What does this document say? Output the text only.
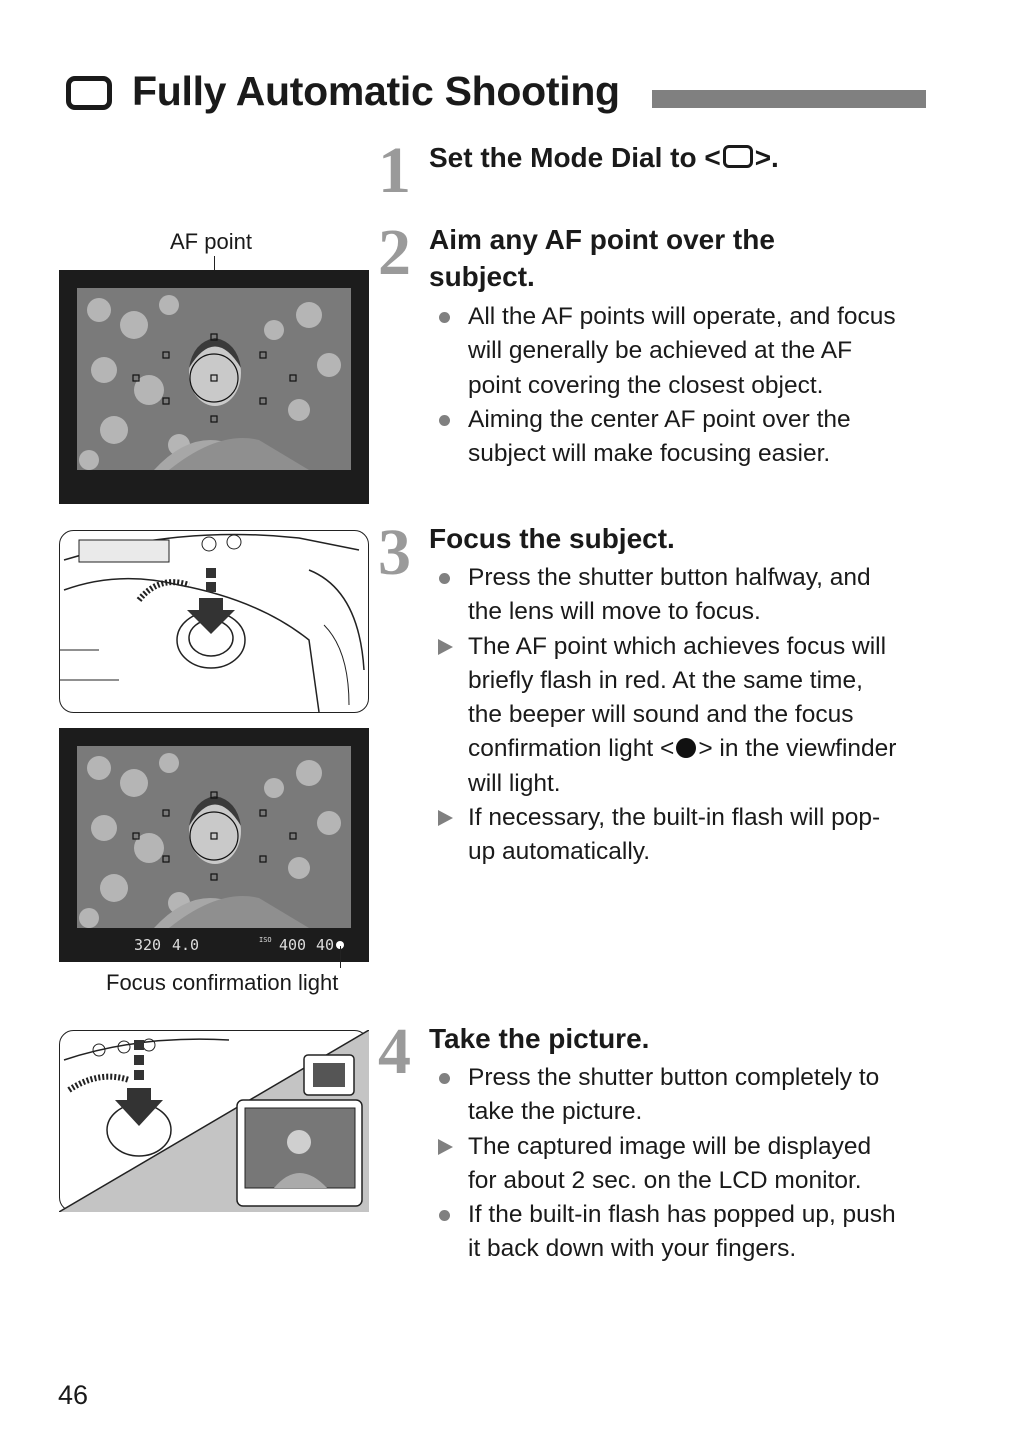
Fully Automatic Shooting
1 Set the Mode Dial to < >.
2 Aim any AF point over the subject.
All the AF points will operate, and focus will generally be achieved at the AF point covering the closest object.
Aiming the center AF point over the subject will make focusing easier.
3 Focus the subject.
Press the shutter button halfway, and the lens will move to focus.
The AF point which achieves focus will briefly flash in red. At the same time, the beeper will sound and the focus confirmation light < > in the viewfinder will light.
If necessary, the built-in flash will pop-up automatically.
4 Take the picture.
Press the shutter button completely to take the picture.
The captured image will be displayed for about 2 sec. on the LCD monitor.
If the built-in flash has popped up, push it back down with your fingers.
AF point
320 4.0	ISO 400 40
Focus confirmation light
46
